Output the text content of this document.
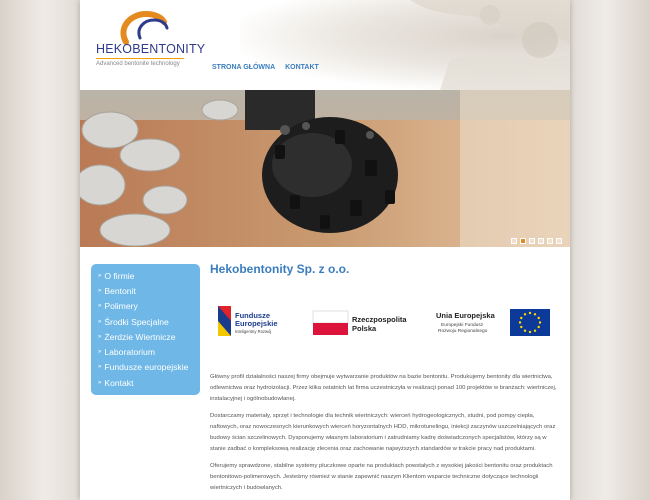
HEKOBENTONITY
Advanced bentonite technology	STRONA GŁÓWNA KONTAKT
» O firmie
» Bentonit
» Polimery
» Środki Specjalne
» Żerdzie Wiertnicze
» Laboratorium
» Fundusze europejskie
» Kontakt
Hekobentonity Sp. z o.o.
Fundusze
Europejskie
Inteligentny Rozwój
Rzeczpospolita
Polska
Unia Europejska
Europejski Fundusz
Rozwoju Regionalnego

Główny profil działalności naszej firmy obejmuje wytwarzanie produktów na bazie bentonitu. Produkujemy bentonity dla wiertnictwa, odlewnictwa oraz hydroizolacji. Przez kilka ostatnich lat firma uczestniczyła w realizacji ponad 100 projektów w branżach: wiertniczej, instalacyjnej i ogólnobudowlanej.

Dostarczamy materiały, sprzęt i technologie dla technik wiertniczych: wierceń hydrogeologicznych, studni, pod pompy ciepła, naftowych, oraz nowoczesnych kierunkowych wierceń horyzontalnych HDD, mikrotunelingu, iniekcji zaczynów uszczelniających oraz budowy ścian szczelinowych. Dysponujemy własnym laboratorium i zatrudniamy kadrę doświadczonych specjalistów, którzy są w stanie zadbać o kompleksową realizację zlecenia oraz zachowanie najwyższych standardów w trakcie pracy nad produktami.

Oferujemy sprawdzone, stabilne systemy płuczkowe oparte na produktach powstałych z wysokiej jakości bentonitu oraz produktach bentonitowo-polimerowych. Jesteśmy również w stanie zapewnić naszym Klientom wsparcie techniczne dotyczące technologii wiertniczych i budowlanych.
